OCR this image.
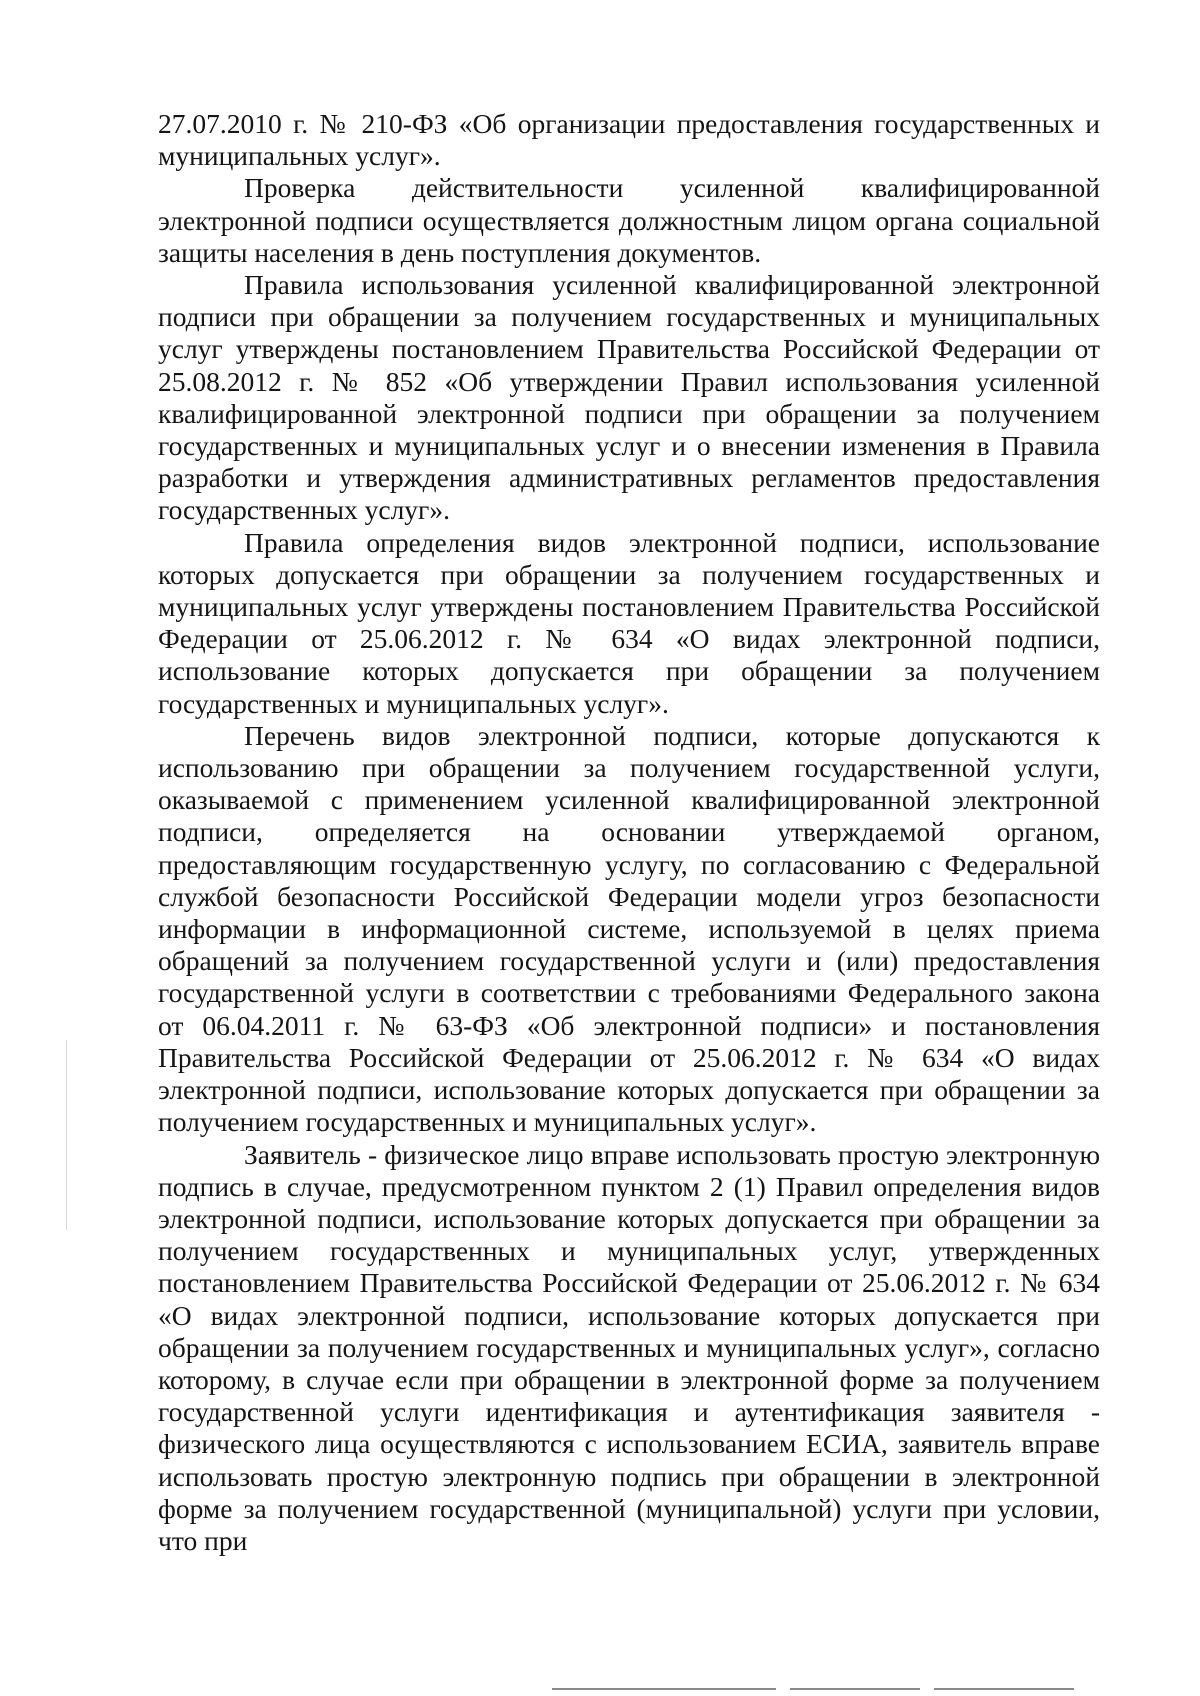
27.07.2010 г. № 210-ФЗ «Об организации предоставления государственных и муниципальных услуг».

Проверка действительности усиленной квалифицированной электронной подписи осуществляется должностным лицом органа социальной защиты населения в день поступления документов.

Правила использования усиленной квалифицированной электронной подписи при обращении за получением государственных и муниципальных услуг утверждены постановлением Правительства Российской Федерации от 25.08.2012 г. № 852 «Об утверждении Правил использования усиленной квалифицированной электронной подписи при обращении за получением государственных и муниципальных услуг и о внесении изменения в Правила разработки и утверждения административных регламентов предоставления государственных услуг».

Правила определения видов электронной подписи, использование которых допускается при обращении за получением государственных и муниципальных услуг утверждены постановлением Правительства Российской Федерации от 25.06.2012 г. № 634 «О видах электронной подписи, использование которых допускается при обращении за получением государственных и муниципальных услуг».

Перечень видов электронной подписи, которые допускаются к использованию при обращении за получением государственной услуги, оказываемой с применением усиленной квалифицированной электронной подписи, определяется на основании утверждаемой органом, предоставляющим государственную услугу, по согласованию с Федеральной службой безопасности Российской Федерации модели угроз безопасности информации в информационной системе, используемой в целях приема обращений за получением государственной услуги и (или) предоставления государственной услуги в соответствии с требованиями Федерального закона от 06.04.2011 г. № 63-ФЗ «Об электронной подписи» и постановления Правительства Российской Федерации от 25.06.2012 г. № 634 «О видах электронной подписи, использование которых допускается при обращении за получением государственных и муниципальных услуг».

Заявитель - физическое лицо вправе использовать простую электронную подпись в случае, предусмотренном пунктом 2 (1) Правил определения видов электронной подписи, использование которых допускается при обращении за получением государственных и муниципальных услуг, утвержденных постановлением Правительства Российской Федерации от 25.06.2012 г. № 634 «О видах электронной подписи, использование которых допускается при обращении за получением государственных и муниципальных услуг», согласно которому, в случае если при обращении в электронной форме за получением государственной услуги идентификация и аутентификация заявителя - физического лица осуществляются с использованием ЕСИА, заявитель вправе использовать простую электронную подпись при обращении в электронной форме за получением государственной (муниципальной) услуги при условии, что при
